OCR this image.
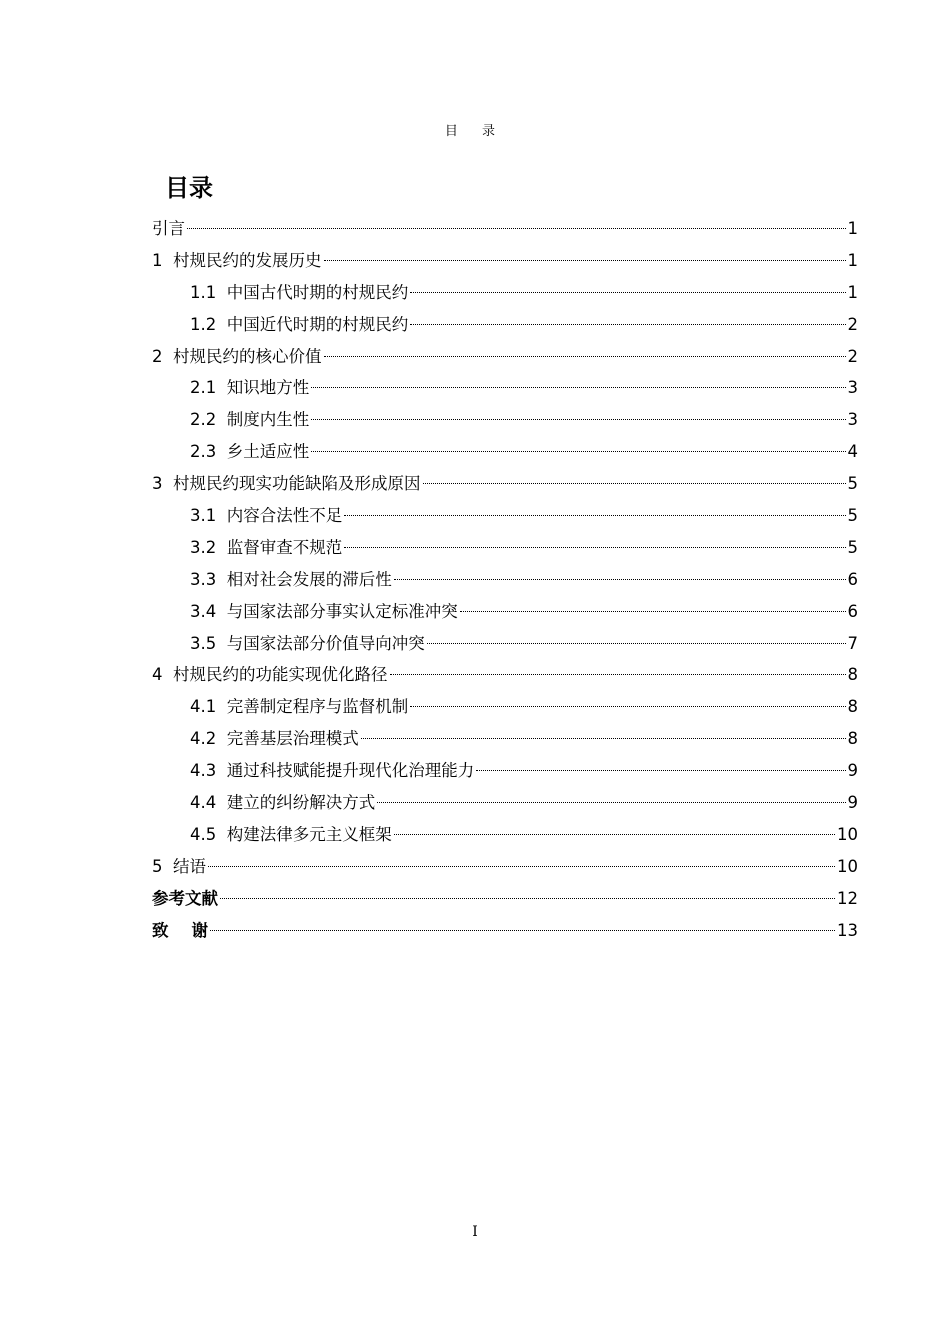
目 录
目录
引言	1
1  村规民约的发展历史	1
1.1  中国古代时期的村规民约	1
1.2  中国近代时期的村规民约	2
2  村规民约的核心价值	2
2.1  知识地方性	3
2.2  制度内生性	3
2.3  乡土适应性	4
3  村规民约现实功能缺陷及形成原因	5
3.1  内容合法性不足	5
3.2  监督审查不规范	5
3.3  相对社会发展的滞后性	6
3.4  与国家法部分事实认定标准冲突	6
3.5  与国家法部分价值导向冲突	7
4  村规民约的功能实现优化路径	8
4.1  完善制定程序与监督机制	8
4.2  完善基层治理模式	8
4.3  通过科技赋能提升现代化治理能力	9
4.4  建立的纠纷解决方式	9
4.5  构建法律多元主义框架	10
5  结语	10
参考文献	12
致    谢	13
I
